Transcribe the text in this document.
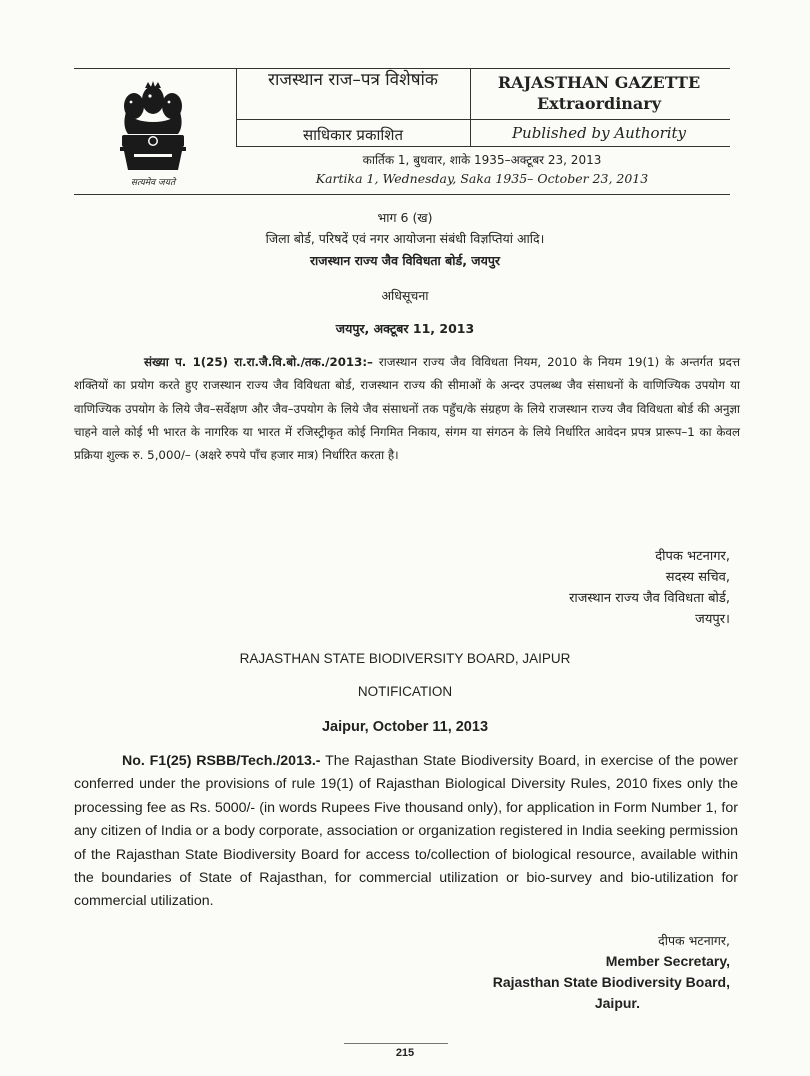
सत्यमेव जयते
राजस्थान राज–पत्र विशेषांक	RAJASTHAN GAZETTE
Extraordinary
साधिकार प्रकाशित	Published by Authority
कार्तिक 1, बुधवार, शाके 1935–अक्टूबर 23, 2013
Kartika 1, Wednesday, Saka 1935– October 23, 2013
भाग 6 (ख)
जिला बोर्ड, परिषदें एवं नगर आयोजना संबंधी विज्ञप्तियां आदि।
राजस्थान राज्य जैव विविधता बोर्ड, जयपुर
अधिसूचना
जयपुर, अक्टूबर 11, 2013
संख्या प. 1(25) रा.रा.जै.वि.बो./तक./2013:– राजस्थान राज्य जैव विविधता नियम, 2010 के नियम 19(1) के अन्तर्गत प्रदत्त शक्तियों का प्रयोग करते हुए राजस्थान राज्य जैव विविधता बोर्ड, राजस्थान राज्य की सीमाओं के अन्दर उपलब्ध जैव संसाधनों के वाणिज्यिक उपयोग या वाणिज्यिक उपयोग के लिये जैव–सर्वेक्षण और जैव–उपयोग के लिये जैव संसाधनों तक पहुँच/के संग्रहण के लिये राजस्थान राज्य जैव विविधता बोर्ड की अनुज्ञा चाहने वाले कोई भी भारत के नागरिक या भारत में रजिस्ट्रीकृत कोई निगमित निकाय, संगम या संगठन के लिये निर्धारित आवेदन प्रपत्र प्रारूप–1 का केवल प्रक्रिया शुल्क रु. 5,000/– (अक्षरे रुपये पाँच हजार मात्र) निर्धारित करता है।
दीपक भटनागर,
सदस्य सचिव,
राजस्थान राज्य जैव विविधता बोर्ड,
जयपुर।
RAJASTHAN STATE BIODIVERSITY BOARD, JAIPUR
NOTIFICATION
Jaipur, October 11, 2013
No. F1(25) RSBB/Tech./2013.- The Rajasthan State Biodiversity Board, in exercise of the power conferred under the provisions of rule 19(1) of Rajasthan Biological Diversity Rules, 2010 fixes only the processing fee as Rs. 5000/- (in words Rupees Five thousand only), for application in Form Number 1, for any citizen of India or a body corporate, association or organization registered in India seeking permission of the Rajasthan State Biodiversity Board for access to/collection of biological resource, available within the boundaries of State of Rajasthan, for commercial utilization or bio-survey and bio-utilization for commercial utilization.
दीपक भटनागर,
Member Secretary,
Rajasthan State Biodiversity Board,
Jaipur.
215
